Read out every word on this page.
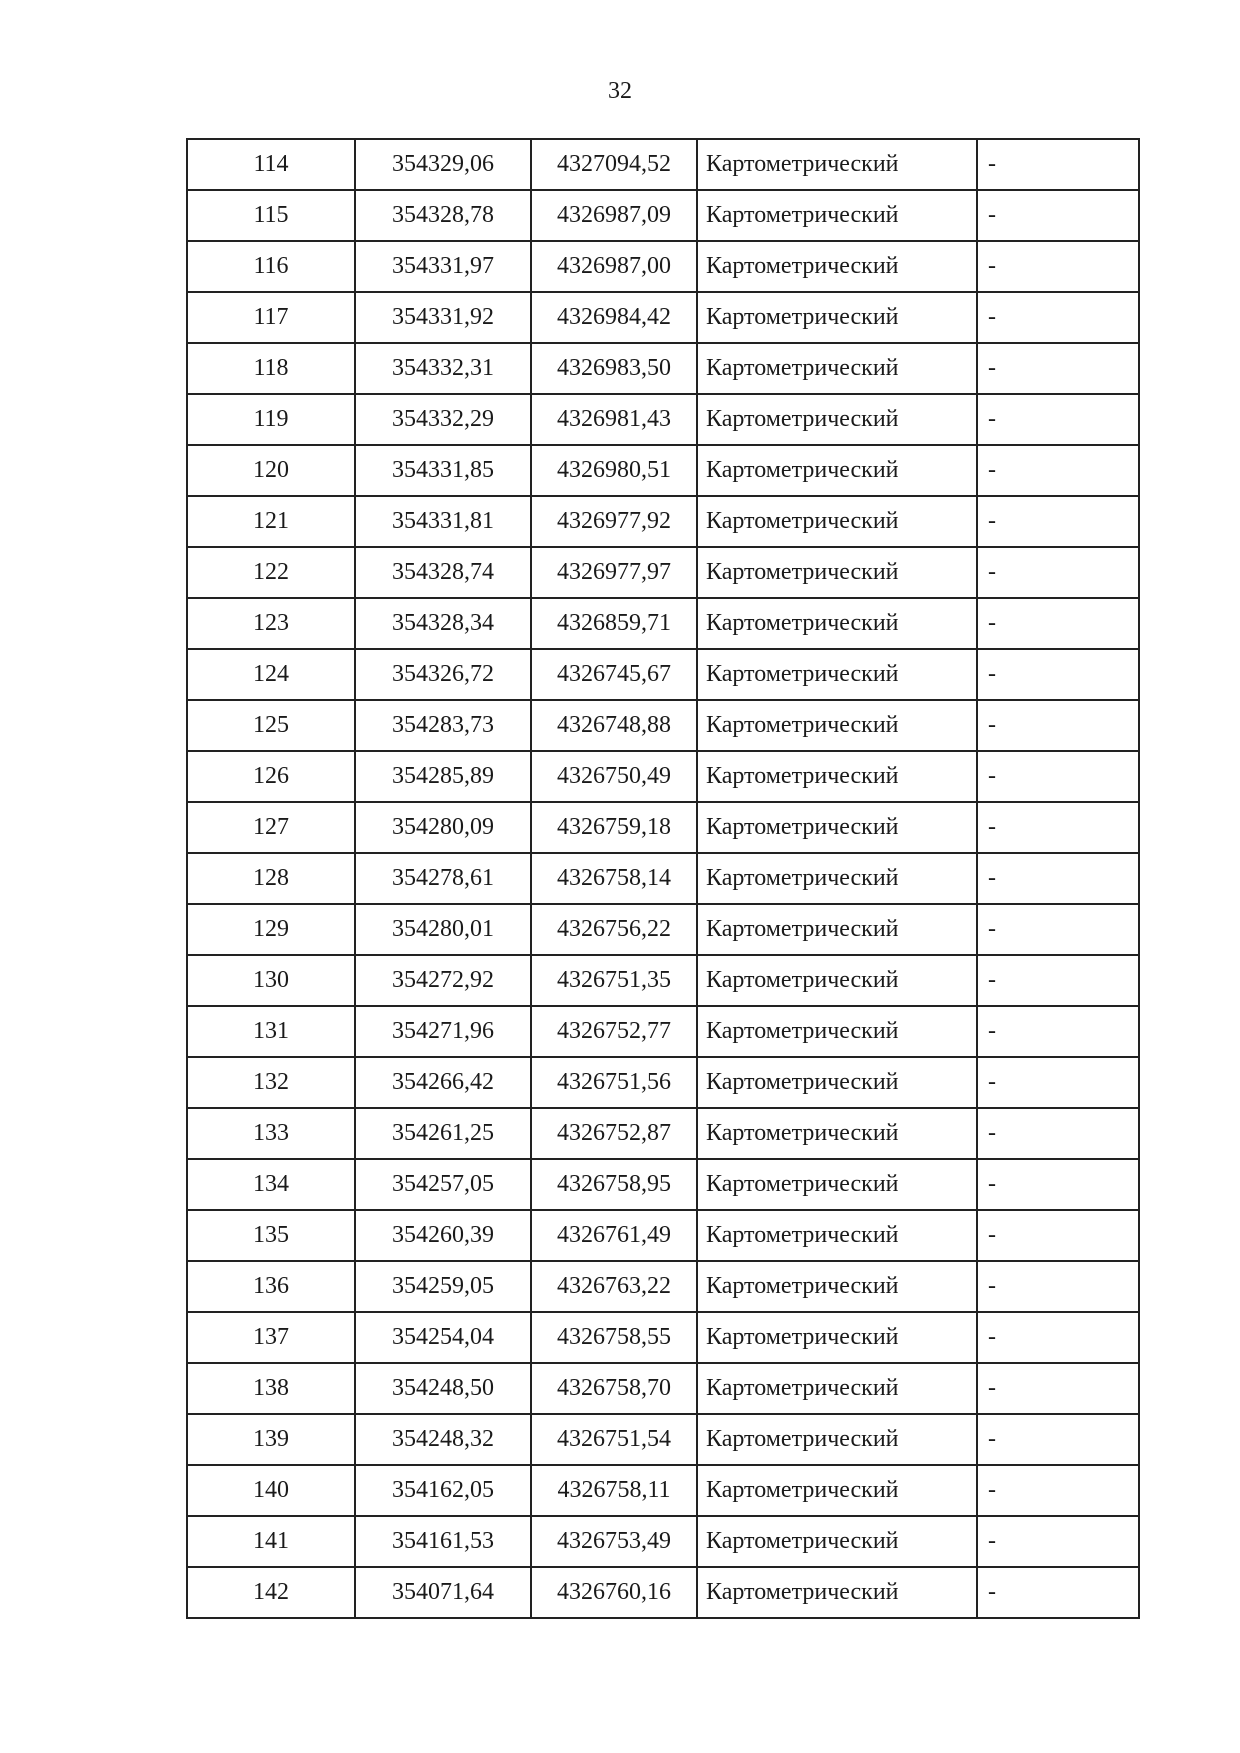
32
114	354329,06	4327094,52	Картометрический	-
115	354328,78	4326987,09	Картометрический	-
116	354331,97	4326987,00	Картометрический	-
117	354331,92	4326984,42	Картометрический	-
118	354332,31	4326983,50	Картометрический	-
119	354332,29	4326981,43	Картометрический	-
120	354331,85	4326980,51	Картометрический	-
121	354331,81	4326977,92	Картометрический	-
122	354328,74	4326977,97	Картометрический	-
123	354328,34	4326859,71	Картометрический	-
124	354326,72	4326745,67	Картометрический	-
125	354283,73	4326748,88	Картометрический	-
126	354285,89	4326750,49	Картометрический	-
127	354280,09	4326759,18	Картометрический	-
128	354278,61	4326758,14	Картометрический	-
129	354280,01	4326756,22	Картометрический	-
130	354272,92	4326751,35	Картометрический	-
131	354271,96	4326752,77	Картометрический	-
132	354266,42	4326751,56	Картометрический	-
133	354261,25	4326752,87	Картометрический	-
134	354257,05	4326758,95	Картометрический	-
135	354260,39	4326761,49	Картометрический	-
136	354259,05	4326763,22	Картометрический	-
137	354254,04	4326758,55	Картометрический	-
138	354248,50	4326758,70	Картометрический	-
139	354248,32	4326751,54	Картометрический	-
140	354162,05	4326758,11	Картометрический	-
141	354161,53	4326753,49	Картометрический	-
142	354071,64	4326760,16	Картометрический	-
